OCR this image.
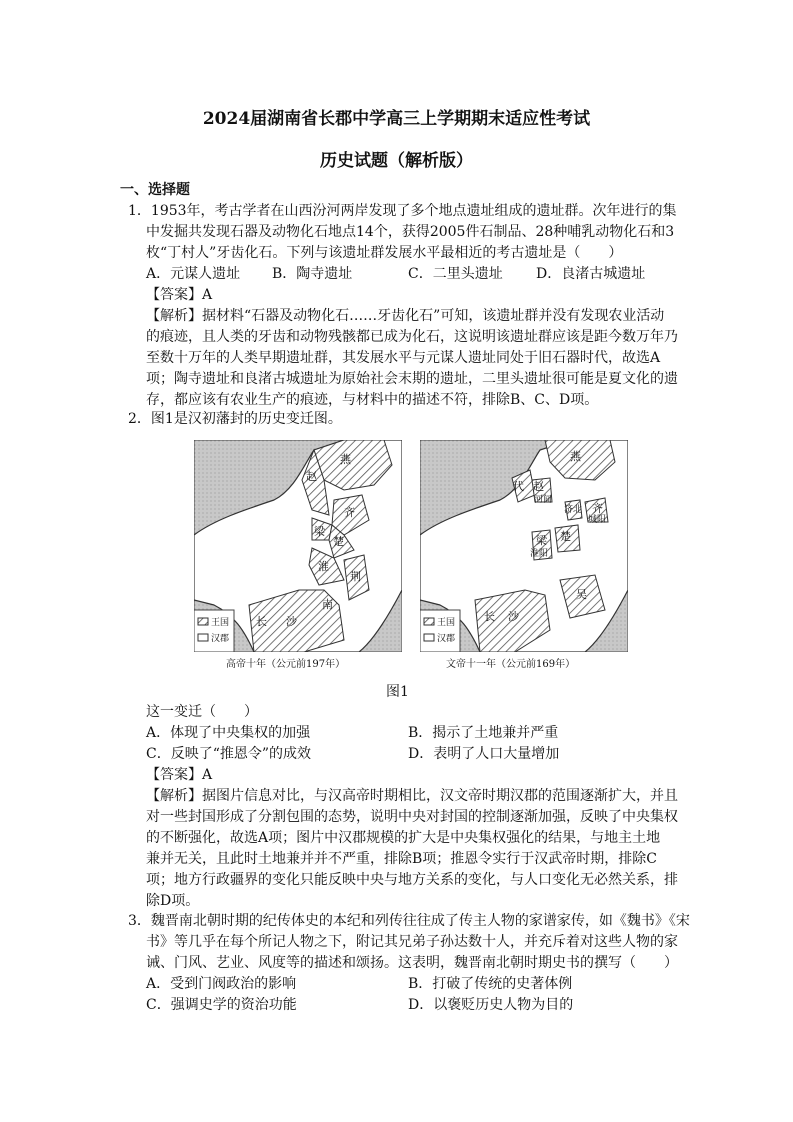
2024届湖南省长郡中学高三上学期期末适应性考试
历史试题（解析版）
一、选择题
1．1953年，考古学者在山西汾河两岸发现了多个地点遗址组成的遗址群。次年进行的集
中发掘共发现石器及动物化石地点14个，获得2005件石制品、28种哺乳动物化石和3
枚“丁村人”牙齿化石。下列与该遗址群发展水平最相近的考古遗址是（　　）
A．元谋人遗址 B．陶寺遗址	C．二里头遗址 D．良渚古城遗址
【答案】A
【解析】据材料“石器及动物化石……牙齿化石”可知，该遗址群并没有发现农业活动
的痕迹，且人类的牙齿和动物残骸都已成为化石，这说明该遗址群应该是距今数万年乃
至数十万年的人类早期遗址群，其发展水平与元谋人遗址同处于旧石器时代，故选A
项；陶寺遗址和良渚古城遗址为原始社会末期的遗址，二里头遗址很可能是夏文化的遗
存，都应该有农业生产的痕迹，与材料中的描述不符，排除B、C、D项。
2．图1是汉初藩封的历史变迁图。
燕
赵
齐
梁
楚
淮
荆
长 沙
南
王国
汉郡
高帝十年（公元前197年）
燕
代 赵
河间
济北 齐
城阳
梁 楚
淮阳
吴
长 沙
王国
汉郡
文帝十一年（公元前169年）
图1
这一变迁（　　）
A．体现了中央集权的加强	B．揭示了土地兼并严重
C．反映了“推恩令”的成效	D．表明了人口大量增加
【答案】A
【解析】据图片信息对比，与汉高帝时期相比，汉文帝时期汉郡的范围逐渐扩大，并且
对一些封国形成了分割包围的态势，说明中央对封国的控制逐渐加强，反映了中央集权
的不断强化，故选A项；图片中汉郡规模的扩大是中央集权强化的结果，与地主土地
兼并无关，且此时土地兼并并不严重，排除B项；推恩令实行于汉武帝时期，排除C
项；地方行政疆界的变化只能反映中央与地方关系的变化，与人口变化无必然关系，排
除D项。
3．魏晋南北朝时期的纪传体史的本纪和列传往往成了传主人物的家谱家传，如《魏书》《宋
书》等几乎在每个所记人物之下，附记其兄弟子孙达数十人，并充斥着对这些人物的家
诫、门风、艺业、风度等的描述和颂扬。这表明，魏晋南北朝时期史书的撰写（　　）
A．受到门阀政治的影响	B．打破了传统的史著体例
C．强调史学的资治功能	D．以褒贬历史人物为目的
